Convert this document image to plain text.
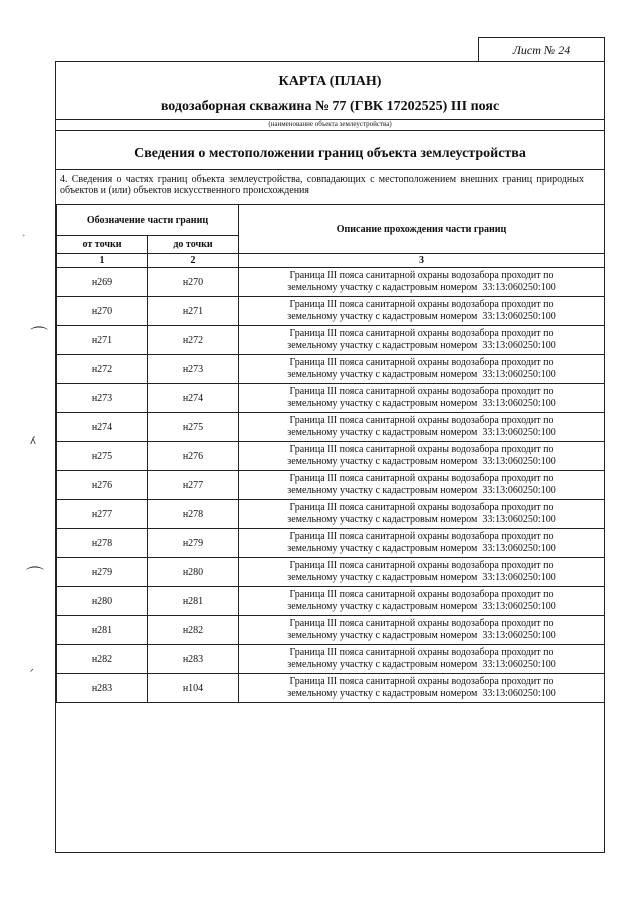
Лист № 24
ﾞ
⌒
ʎ
⌒
ᐟ
КАРТА (ПЛАН)
водозаборная скважина № 77 (ГВК 17202525) III пояс
(наименование объекта землеустройства)
Сведения о местоположении границ объекта землеустройства
4. Сведения о частях границ объекта землеустройства, совпадающих с местоположением внешних границ природных объектов и (или) объектов искусственного происхождения
Обозначение части границ		Описание прохождения части границ
от точки	до точки	
1	2	3
н269	н270	Граница III пояса санитарной охраны водозабора проходит по
земельному участку с кадастровым номером  33:13:060250:100

н270	н271	Граница III пояса санитарной охраны водозабора проходит по
земельному участку с кадастровым номером  33:13:060250:100

н271	н272	Граница III пояса санитарной охраны водозабора проходит по
земельному участку с кадастровым номером  33:13:060250:100

н272	н273	Граница III пояса санитарной охраны водозабора проходит по
земельному участку с кадастровым номером  33:13:060250:100

н273	н274	Граница III пояса санитарной охраны водозабора проходит по
земельному участку с кадастровым номером  33:13:060250:100

н274	н275	Граница III пояса санитарной охраны водозабора проходит по
земельному участку с кадастровым номером  33:13:060250:100

н275	н276	Граница III пояса санитарной охраны водозабора проходит по
земельному участку с кадастровым номером  33:13:060250:100

н276	н277	Граница III пояса санитарной охраны водозабора проходит по
земельному участку с кадастровым номером  33:13:060250:100

н277	н278	Граница III пояса санитарной охраны водозабора проходит по
земельному участку с кадастровым номером  33:13:060250:100

н278	н279	Граница III пояса санитарной охраны водозабора проходит по
земельному участку с кадастровым номером  33:13:060250:100

н279	н280	Граница III пояса санитарной охраны водозабора проходит по
земельному участку с кадастровым номером  33:13:060250:100

н280	н281	Граница III пояса санитарной охраны водозабора проходит по
земельному участку с кадастровым номером  33:13:060250:100

н281	н282	Граница III пояса санитарной охраны водозабора проходит по
земельному участку с кадастровым номером  33:13:060250:100

н282	н283	Граница III пояса санитарной охраны водозабора проходит по
земельному участку с кадастровым номером  33:13:060250:100

н283	н104	Граница III пояса санитарной охраны водозабора проходит по
земельному участку с кадастровым номером  33:13:060250:100
